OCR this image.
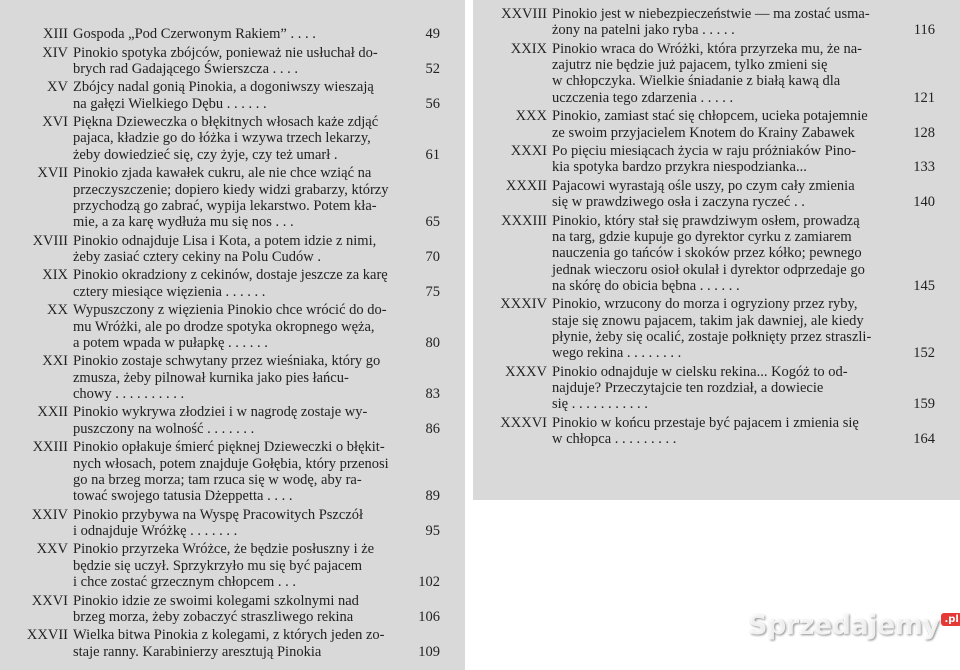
XIII Gospoda „Pod Czerwonym Rakiem” . . . .	49
XIV Pinokio spotyka zbójców, ponieważ nie usłuchał do-
brych rad Gadającego Świerszcza . . . .	52
XV Zbójcy nadal gonią Pinokia, a dogoniwszy wieszają
na gałęzi Wielkiego Dębu . . . . . .	56
XVI Piękna Dzieweczka o błękitnych włosach każe zdjąć
pajaca, kładzie go do łóżka i wzywa trzech lekarzy,
żeby dowiedzieć się, czy żyje, czy też umarł .	61
XVII Pinokio zjada kawałek cukru, ale nie chce wziąć na
przeczyszczenie; dopiero kiedy widzi grabarzy, którzy
przychodzą go zabrać, wypija lekarstwo. Potem kła-
mie, a za karę wydłuża mu się nos . . .	65
XVIII Pinokio odnajduje Lisa i Kota, a potem idzie z nimi,
żeby zasiać cztery cekiny na Polu Cudów .	70
XIX Pinokio okradziony z cekinów, dostaje jeszcze za karę
cztery miesiące więzienia . . . . . .	75
XX Wypuszczony z więzienia Pinokio chce wrócić do do-
mu Wróżki, ale po drodze spotyka okropnego węża,
a potem wpada w pułapkę . . . . . .	80
XXI Pinokio zostaje schwytany przez wieśniaka, który go
zmusza, żeby pilnował kurnika jako pies łańcu-
chowy . . . . . . . . . .	83
XXII Pinokio wykrywa złodziei i w nagrodę zostaje wy-
puszczony na wolność . . . . . . .	86
XXIII Pinokio opłakuje śmierć pięknej Dzieweczki o błękit-
nych włosach, potem znajduje Gołębia, który przenosi
go na brzeg morza; tam rzuca się w wodę, aby ra-
tować swojego tatusia Dżeppetta . . . .	89
XXIV Pinokio przybywa na Wyspę Pracowitych Pszczół
i odnajduje Wróżkę . . . . . . .	95
XXV Pinokio przyrzeka Wróżce, że będzie posłuszny i że
będzie się uczył. Sprzykrzyło mu się być pajacem
i chce zostać grzecznym chłopcem . . .	102
XXVI Pinokio idzie ze swoimi kolegami szkolnymi nad
brzeg morza, żeby zobaczyć straszliwego rekina	106
XXVII Wielka bitwa Pinokia z kolegami, z których jeden zo-
staje ranny. Karabinierzy aresztują Pinokia	109
XXVIII Pinokio jest w niebezpieczeństwie — ma zostać usma-
żony na patelni jako ryba . . . . .	116
XXIX Pinokio wraca do Wróżki, która przyrzeka mu, że na-
zajutrz nie będzie już pajacem, tylko zmieni się
w chłopczyka. Wielkie śniadanie z białą kawą dla
uczczenia tego zdarzenia . . . . .	121
XXX Pinokio, zamiast stać się chłopcem, ucieka potajemnie
ze swoim przyjacielem Knotem do Krainy Zabawek	128
XXXI Po pięciu miesiącach życia w raju próżniaków Pino-
kia spotyka bardzo przykra niespodzianka...	133
XXXII Pajacowi wyrastają ośle uszy, po czym cały zmienia
się w prawdziwego osła i zaczyna ryczeć . .	140
XXXIII Pinokio, który stał się prawdziwym osłem, prowadzą
na targ, gdzie kupuje go dyrektor cyrku z zamiarem
nauczenia go tańców i skoków przez kółko; pewnego
jednak wieczoru osioł okulał i dyrektor odprzedaje go
na skórę do obicia bębna . . . . . .	145
XXXIV Pinokio, wrzucony do morza i ogryziony przez ryby,
staje się znowu pajacem, takim jak dawniej, ale kiedy
płynie, żeby się ocalić, zostaje połknięty przez straszli-
wego rekina . . . . . . . .	152
XXXV Pinokio odnajduje w cielsku rekina... Kogóż to od-
najduje? Przeczytajcie ten rozdział, a dowiecie
się . . . . . . . . . . .	159
XXXVI Pinokio w końcu przestaje być pajacem i zmienia się
w chłopca . . . . . . . . .	164
Sprzedajemy .pl
